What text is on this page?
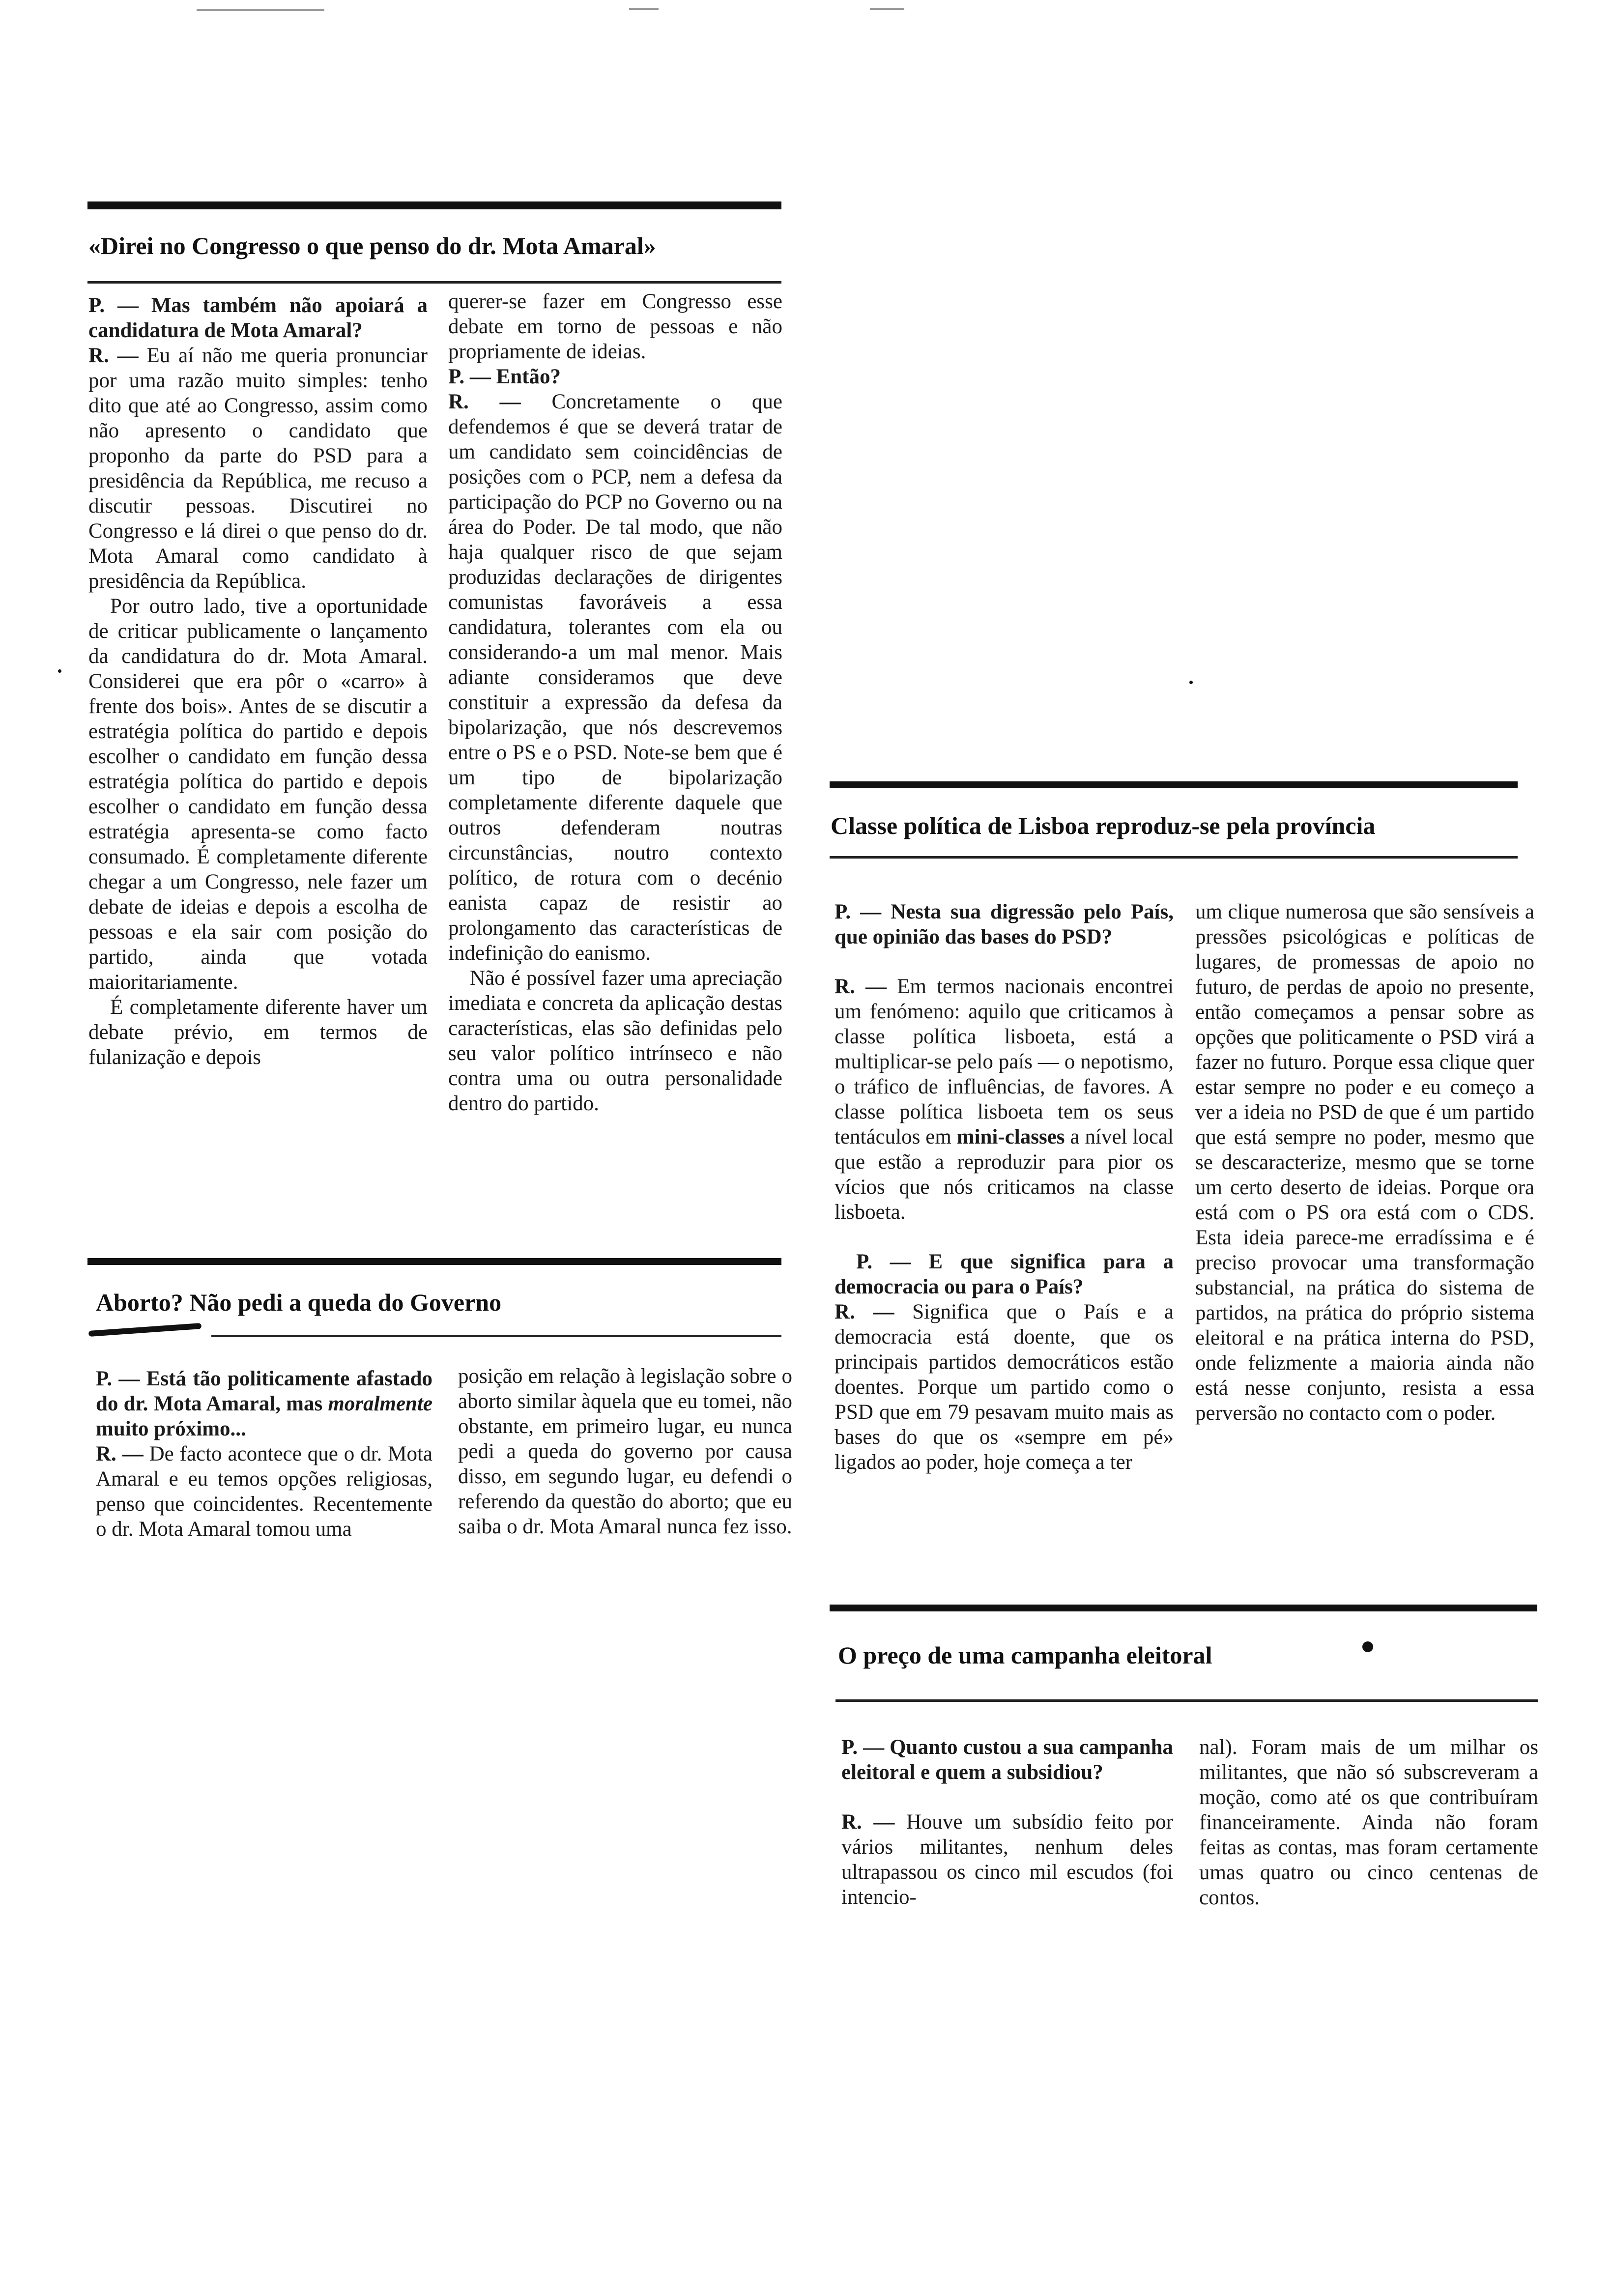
«Direi no Congresso o que penso do dr. Mota Amaral»

P. — Mas também não apoiará a candidatura de Mota Amaral?

R. — Eu aí não me queria pronunciar por uma razão muito simples: tenho dito que até ao Congresso, assim como não apresento o candidato que proponho da parte do PSD para a presidência da República, me recuso a discutir pessoas. Discutirei no Congresso e lá direi o que penso do dr. Mota Amaral como candidato à presidência da República.

Por outro lado, tive a oportunidade de criticar publicamente o lançamento da candidatura do dr. Mota Amaral. Considerei que era pôr o «carro» à frente dos bois». Antes de se discutir a estratégia política do partido e depois escolher o candidato em função dessa estratégia política do partido e depois escolher o candidato em função dessa estratégia apresenta-se como facto consumado. É completamente diferente chegar a um Congresso, nele fazer um debate de ideias e depois a escolha de pessoas e ela sair com posição do partido, ainda que votada maioritariamente.

É completamente diferente haver um debate prévio, em termos de fulanização e depois

querer-se fazer em Congresso esse debate em torno de pessoas e não propriamente de ideias.

P. — Então?

R. — Concretamente o que defendemos é que se deverá tratar de um candidato sem coincidências de posições com o PCP, nem a defesa da participação do PCP no Governo ou na área do Poder. De tal modo, que não haja qualquer risco de que sejam produzidas declarações de dirigentes comunistas favoráveis a essa candidatura, tolerantes com ela ou considerando-a um mal menor. Mais adiante consideramos que deve constituir a expressão da defesa da bipolarização, que nós descrevemos entre o PS e o PSD. Note-se bem que é um tipo de bipolarização completamente diferente daquele que outros defenderam noutras circunstâncias, noutro contexto político, de rotura com o decénio eanista capaz de resistir ao prolongamento das características de indefinição do eanismo.

Não é possível fazer uma apreciação imediata e concreta da aplicação destas características, elas são definidas pelo seu valor político intrínseco e não contra uma ou outra personalidade dentro do partido.

Aborto? Não pedi a queda do Governo

P. — Está tão politicamente afastado do dr. Mota Amaral, mas moralmente muito próximo...

R. — De facto acontece que o dr. Mota Amaral e eu temos opções religiosas, penso que coincidentes. Recentemente o dr. Mota Amaral tomou uma

posição em relação à legislação sobre o aborto similar àquela que eu tomei, não obstante, em primeiro lugar, eu nunca pedi a queda do governo por causa disso, em segundo lugar, eu defendi o referendo da questão do aborto; que eu saiba o dr. Mota Amaral nunca fez isso.

Classe política de Lisboa reproduz-se pela província

P. — Nesta sua digressão pelo País, que opinião das bases do PSD?

R. — Em termos nacionais encontrei um fenómeno: aquilo que criticamos à classe política lisboeta, está a multiplicar-se pelo país — o nepotismo, o tráfico de influências, de favores. A classe política lisboeta tem os seus tentáculos em mini-classes a nível local que estão a reproduzir para pior os vícios que nós criticamos na classe lisboeta.

P. — E que significa para a democracia ou para o País?

R. — Significa que o País e a democracia está doente, que os principais partidos democráticos estão doentes. Porque um partido como o PSD que em 79 pesavam muito mais as bases do que os «sempre em pé» ligados ao poder, hoje começa a ter

um clique numerosa que são sensíveis a pressões psicológicas e políticas de lugares, de promessas de apoio no futuro, de perdas de apoio no presente, então começamos a pensar sobre as opções que politicamente o PSD virá a fazer no futuro. Porque essa clique quer estar sempre no poder e eu começo a ver a ideia no PSD de que é um partido que está sempre no poder, mesmo que se descaracterize, mesmo que se torne um certo deserto de ideias. Porque ora está com o PS ora está com o CDS. Esta ideia parece-me erradíssima e é preciso provocar uma transformação substancial, na prática do sistema de partidos, na prática do próprio sistema eleitoral e na prática interna do PSD, onde felizmente a maioria ainda não está nesse conjunto, resista a essa perversão no contacto com o poder.

O preço de uma campanha eleitoral

P. — Quanto custou a sua campanha eleitoral e quem a subsidiou?

R. — Houve um subsídio feito por vários militantes, nenhum deles ultrapassou os cinco mil escudos (foi intencio-

nal). Foram mais de um milhar os militantes, que não só subscreveram a moção, como até os que contribuíram financeiramente. Ainda não foram feitas as contas, mas foram certamente umas quatro ou cinco centenas de contos.
